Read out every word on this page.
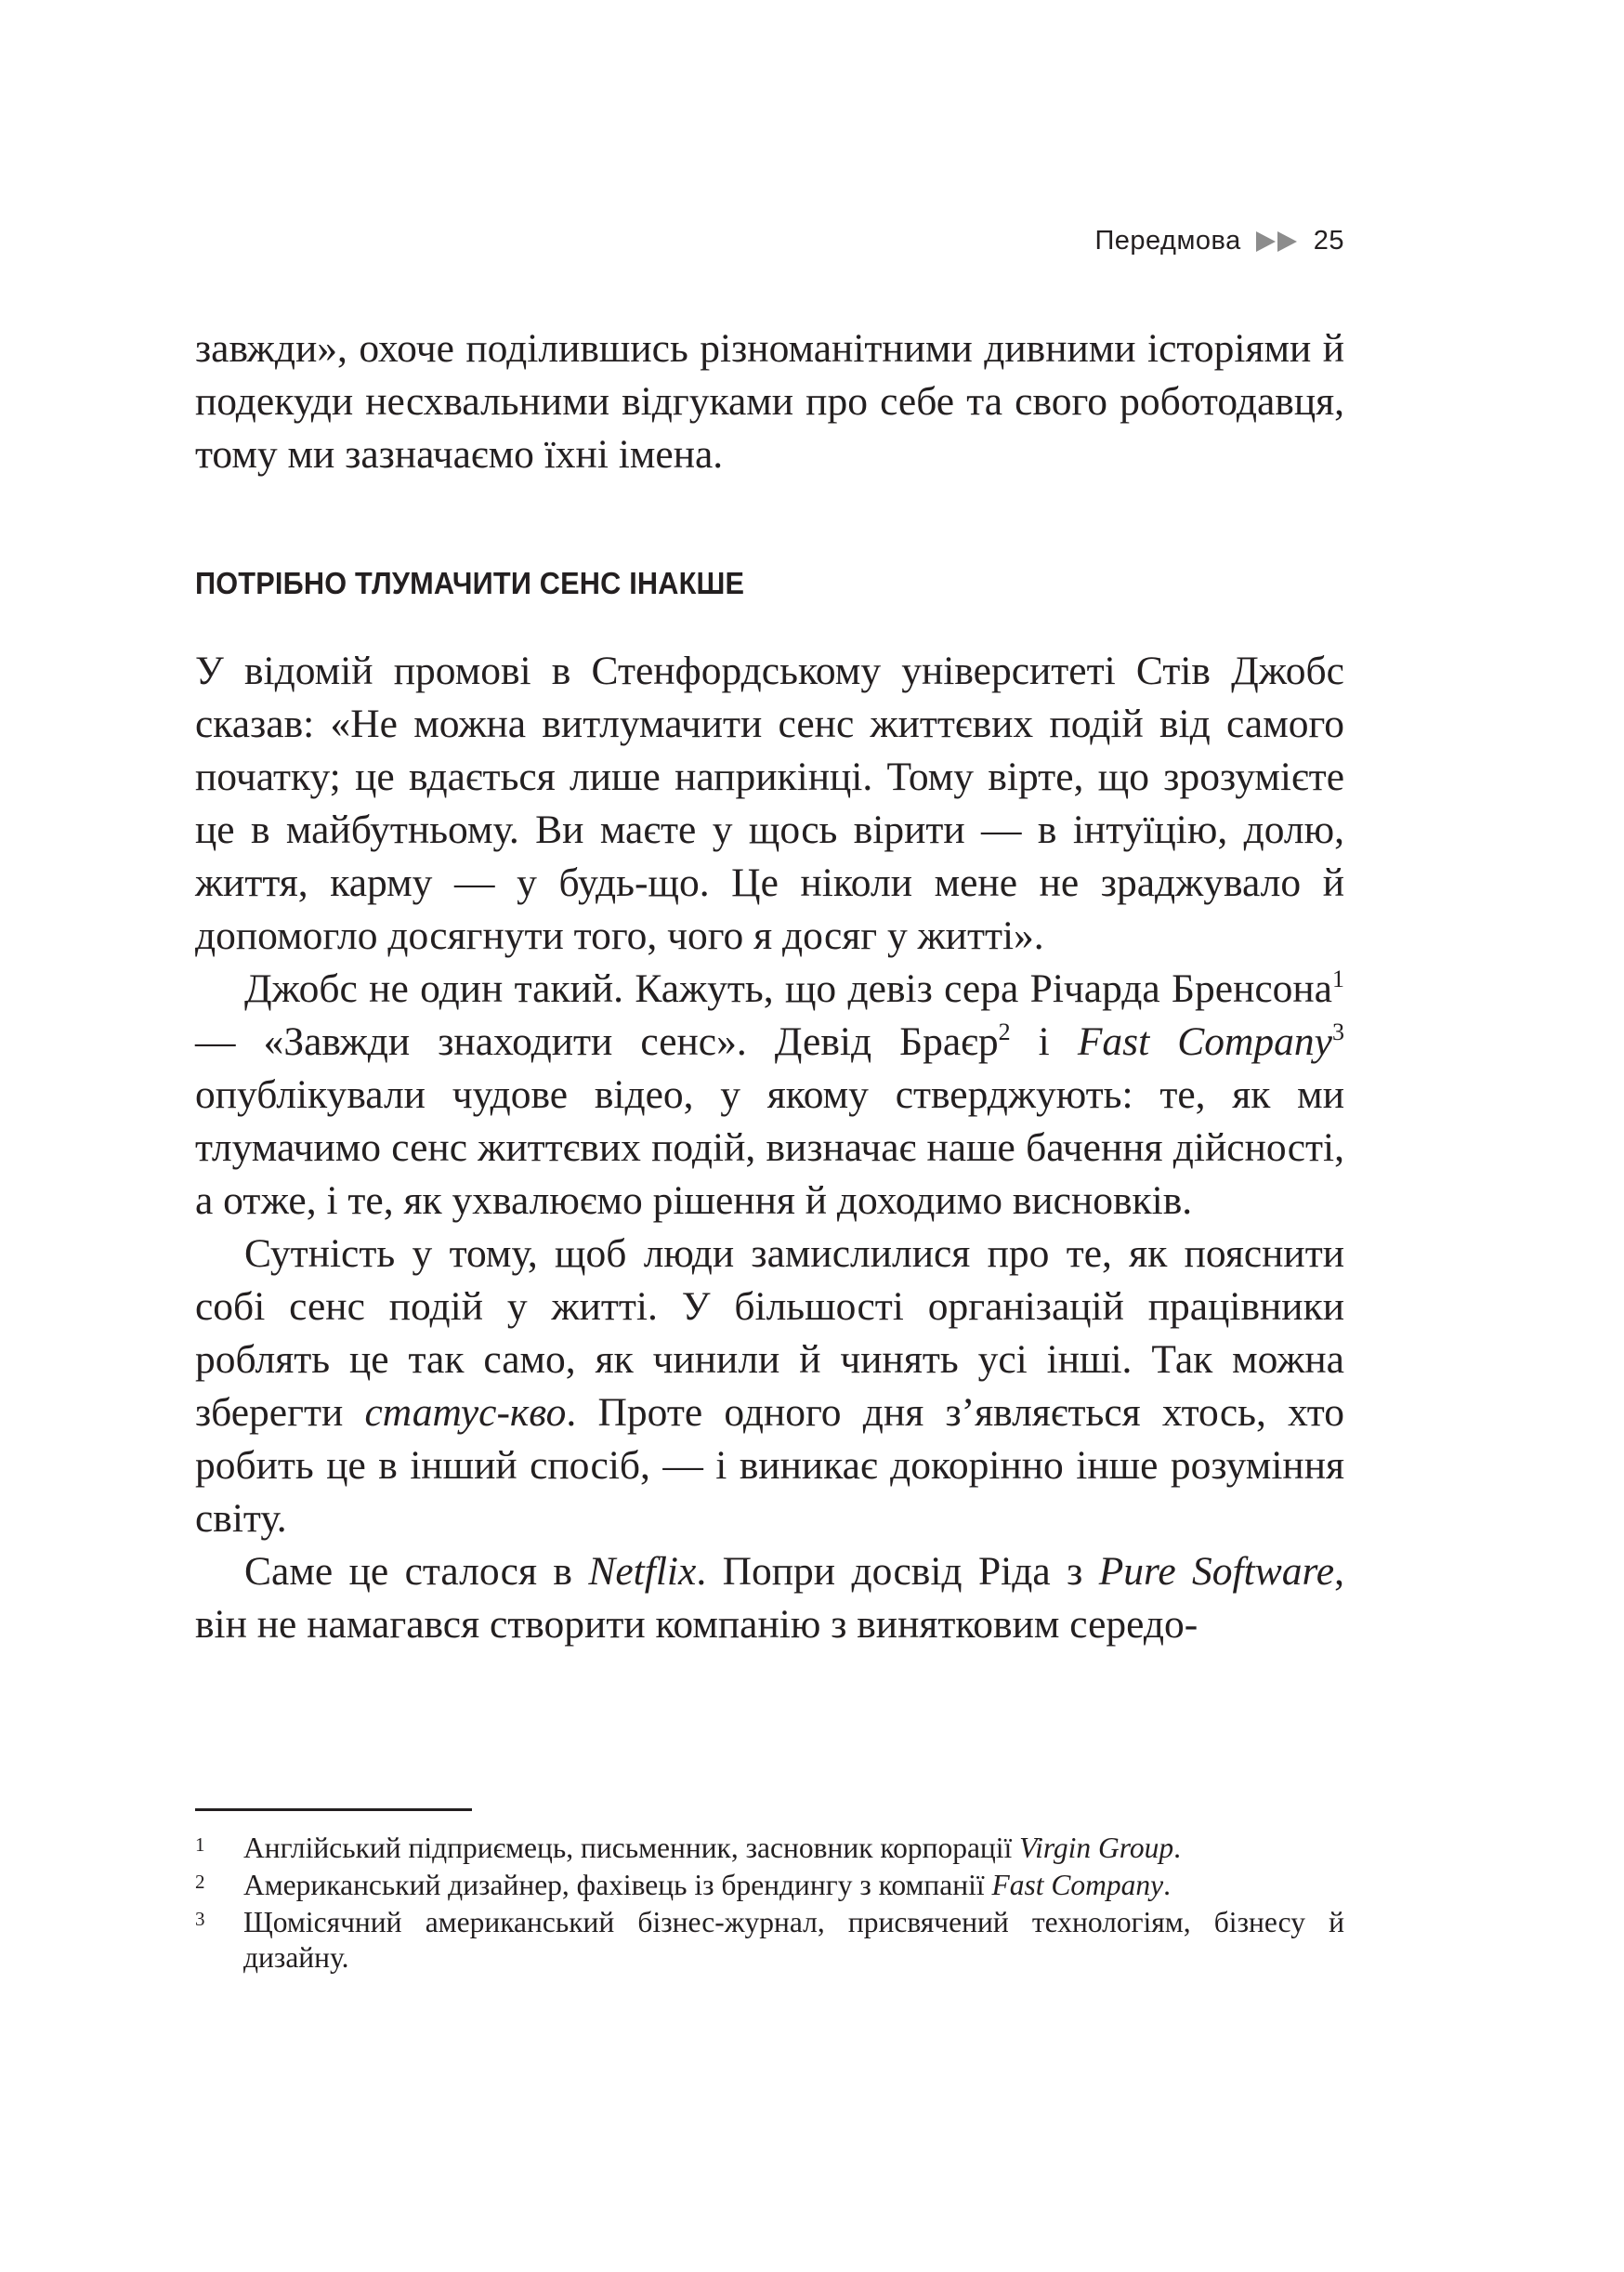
Передмова	25

завжди», охоче поділившись різноманітними дивними історіями й подекуди несхвальними відгуками про себе та свого роботодавця, тому ми зазначаємо їхні імена.

ПОТРІБНО ТЛУМАЧИТИ СЕНС ІНАКШЕ

У відомій промові в Стенфордському університеті Стів Джобс сказав: «Не можна витлумачити сенс життєвих подій від самого початку; це вдається лише наприкінці. Тому вірте, що зрозумієте це в майбутньому. Ви маєте у щось вірити — в інтуїцію, долю, життя, карму — у будь-що. Це ніколи мене не зраджувало й допомогло досягнути того, чого я досяг у житті».

Джобс не один такий. Кажуть, що девіз сера Річарда Бренсона$^1$ — «Завжди знаходити сенс». Девід Браєр$^2$ і Fast Company$^3$ опублікували чудове відео, у якому стверджують: те, як ми тлумачимо сенс життєвих подій, визначає наше бачення дійсності, а отже, і те, як ухвалюємо рішення й доходимо висновків.

Сутність у тому, щоб люди замислилися про те, як пояснити собі сенс подій у житті. У більшості організацій працівники роблять це так само, як чинили й чинять усі інші. Так можна зберегти статус-кво. Проте одного дня з’являється хтось, хто робить це в інший спосіб, — і виникає докорінно інше розуміння світу.

Саме це сталося в Netflix. Попри досвід Ріда з Pure Software, він не намагався створити компанію з винятковим середо-

1	Англійський підприємець, письменник, засновник корпорації Virgin Group.
2	Американський дизайнер, фахівець із брендингу з компанії Fast Company.
3	Щомісячний американський бізнес-журнал, присвячений технологіям, бізнесу й дизайну.
